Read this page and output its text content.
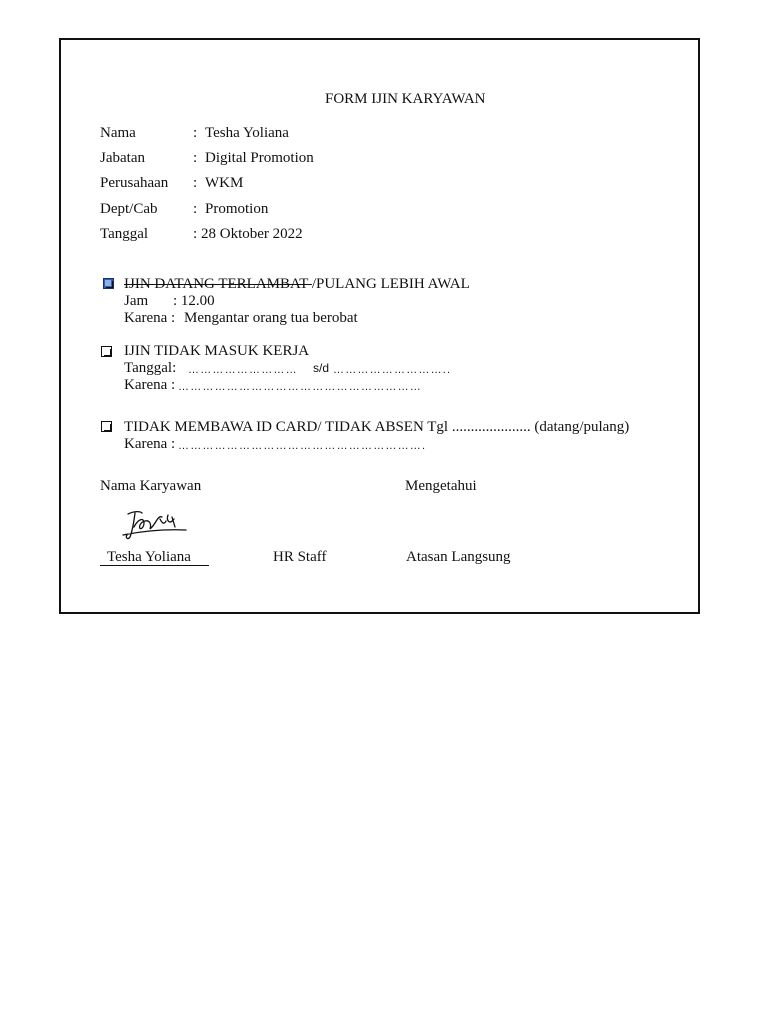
FORM IJIN KARYAWAN
Nama	: Tesha Yoliana
Jabatan	: Digital Promotion
Perusahaan : WKM
Dept/Cab : Promotion
Tanggal	: 28 Oktober 2022
IJIN DATANG TERLAMBAT /PULANG LEBIH AWAL
Jam : 12.00
Karena : Mengantar orang tua berobat
IJIN TIDAK MASUK KERJA
Tanggal: ……………………… s/d ………………………..
Karena : ……………………………………………………
TIDAK MEMBAWA ID CARD/ TIDAK ABSEN Tgl ..................... (datang/pulang)
Karena : …………………………………………………….
Nama Karyawan	Mengetahui
Tesha Yoliana	HR Staff	Atasan Langsung
